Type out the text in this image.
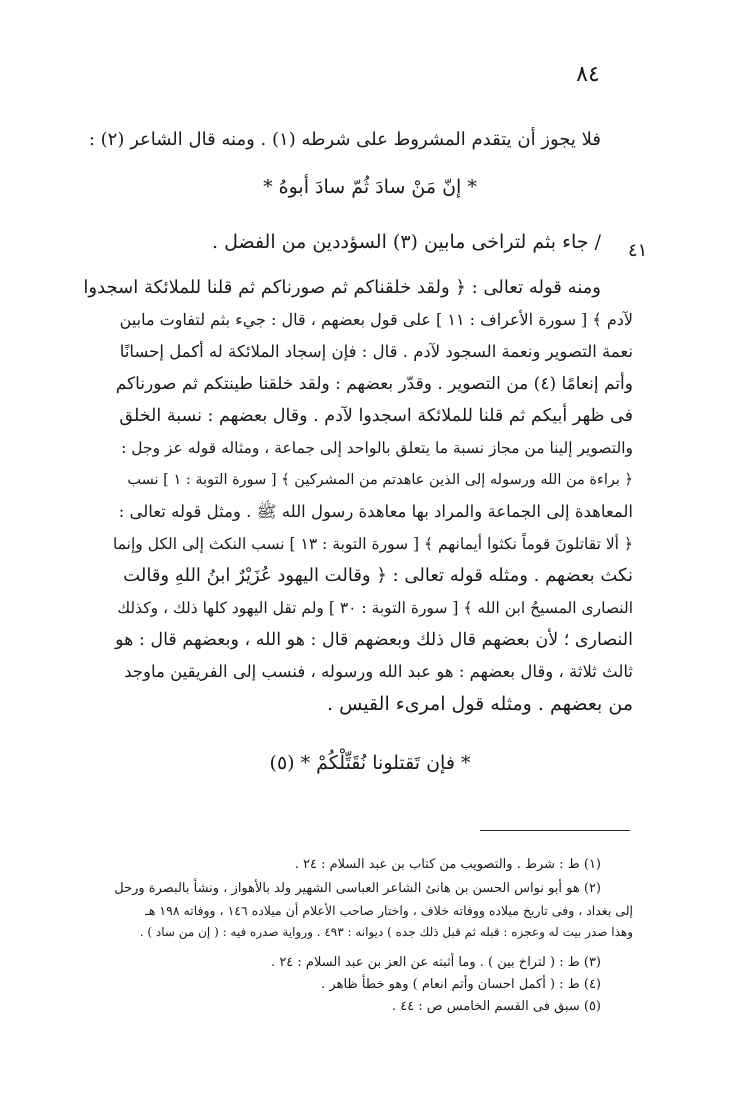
٨٤
فلا يجوز أن يتقدم المشروط على شرطه (١) . ومنه قال الشاعر (٢) :
* إنّ مَنْ سادَ ثُمّ سادَ أبوهُ *
٤١
/ جاء بثم لتراخى مابين (٣) السؤددين من الفضل .
ومنه قوله تعالى : ﴿ ولقد خلقناكم ثم صورناكم ثم قلنا للملائكة اسجدوا
لآدم ﴾ [ سورة الأعراف : ١١ ] على قول بعضهم ، قال : جيء بثم لتفاوت مابين
نعمة التصوير ونعمة السجود لآدم . قال : فإن إسجاد الملائكة له أكمل إحسانًا
وأتم إنعامًا (٤) من التصوير . وقدّر بعضهم : ولقد خلقنا طينتكم ثم صورناكم
فى ظهر أبيكم ثم قلنا للملائكة اسجدوا لآدم . وقال بعضهم : نسبة الخلق
والتصوير إلينا من مجاز نسبة ما يتعلق بالواحد إلى جماعة ، ومثاله قوله عز وجل :
﴿ براءة من الله ورسوله إلى الذين عاهدتم من المشركين ﴾ [ سورة التوبة : ١ ] نسب
المعاهدة إلى الجماعة والمراد بها معاهدة رسول الله ﷺ . ومثل قوله تعالى :
﴿ ألا تقاتلونَ قوماً نكثوا أيمانهم ﴾ [ سورة التوبة : ١٣ ] نسب النكث إلى الكل وإنما
نكث بعضهم . ومثله قوله تعالى : ﴿ وقالت اليهود عُزَيْرٌ ابنُ اللهِ وقالت
النصارى المسيحُ ابن الله ﴾ [ سورة التوبة : ٣٠ ] ولم تقل اليهود كلها ذلك ، وكذلك
النصارى ؛ لأن بعضهم قال ذلك وبعضهم قال : هو الله ، وبعضهم قال : هو
ثالث ثلاثة ، وقال بعضهم : هو عبد الله ورسوله ، فنسب إلى الفريقين ماوجد
من بعضهم . ومثله قول امرىء القيس .
* فإن تَقتلونا نُقَتِّلْكُمْ * (٥)
(١) ط : شرط . والتصويب من كتاب بن عبد السلام : ٢٤ .
(٢) هو أبو نواس الحسن بن هانئ الشاعر العباسى الشهير ولد بالأهواز ، ونشأ بالبصرة ورحل
إلى بغداد ، وفى تاريخ ميلاده ووفاته خلاف ، واختار صاحب الأعلام أن ميلاده ١٤٦ ، ووفاته ١٩٨ هـ
وهذا صدر بيت له وعجزه : قبله ثم قبل ذلك جده ) ديوانه : ٤٩٣ . ورواية صدره فيه : ( إن من ساد ) .
(٣) ط : ( لتراخ بين ) . وما أثبته عن العز بن عبد السلام : ٢٤ .
(٤) ط : ( أكمل احسان وأتم انعام ) وهو خطأ ظاهر .
(٥) سبق فى القسم الخامس ص : ٤٤ .
